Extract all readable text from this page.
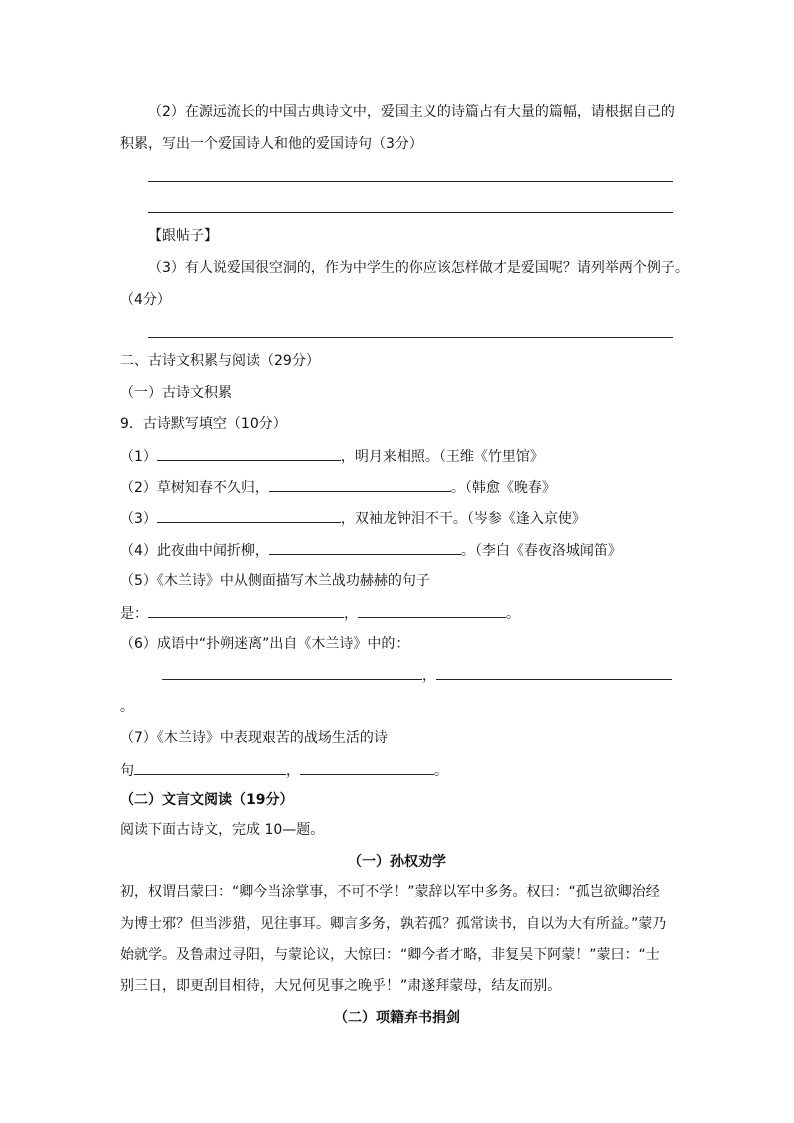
（2）在源远流长的中国古典诗文中，爱国主义的诗篇占有大量的篇幅，请根据自己的
积累，写出一个爱国诗人和他的爱国诗句（3分）
【跟帖子】
（3）有人说爱国很空洞的，作为中学生的你应该怎样做才是爱国呢？请列举两个例子。
（4分）
二、古诗文积累与阅读（29分）
（一）古诗文积累
9．古诗默写填空（10分）
（1）	，明月来相照。（王维《竹里馆》
（2）草树知春不久归，	。（韩愈《晚春》
（3）	，双袖龙钟泪不干。（岑参《逢入京使》
（4）此夜曲中闻折柳，	。（李白《春夜洛城闻笛》
（5）《木兰诗》中从侧面描写木兰战功赫赫的句子
是：	，	。
（6）成语中“扑朔迷离”出自《木兰诗》中的：
，
。
（7）《木兰诗》中表现艰苦的战场生活的诗
句	，	。
（二）文言文阅读（19分）
阅读下面古诗文，完成 10—题。
（一）孙权劝学
初，权谓吕蒙曰：“卿今当涂掌事，不可不学！”蒙辞以军中多务。权曰：“孤岂欲卿治经
为博士邪？但当涉猎，见往事耳。卿言多务，孰若孤？孤常读书，自以为大有所益。”蒙乃
始就学。及鲁肃过寻阳，与蒙论议，大惊曰：“卿今者才略，非复吴下阿蒙！”蒙曰：“士
别三日，即更刮目相待，大兄何见事之晚乎！”肃遂拜蒙母，结友而别。
（二）项籍弃书捐剑
